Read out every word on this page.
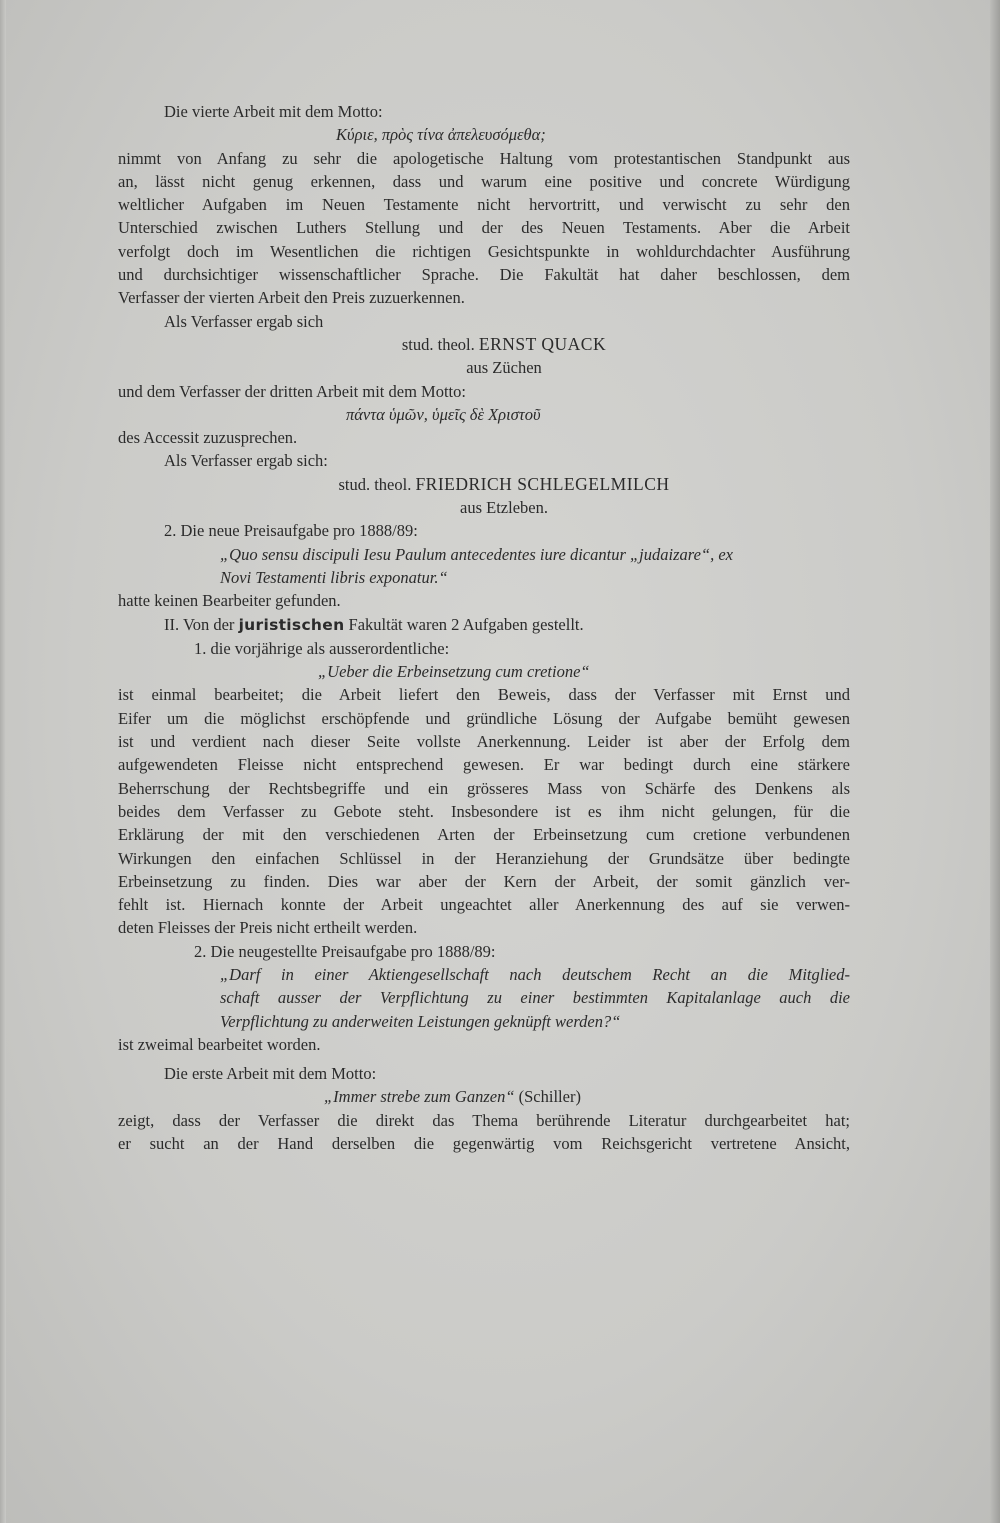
Die vierte Arbeit mit dem Motto:

Κύριε, πρὸς τίνα ἀπελευσόμεθα;

nimmt von Anfang zu sehr die apologetische Haltung vom protestantischen Standpunkt aus

an, lässt nicht genug erkennen, dass und warum eine positive und concrete Würdigung

weltlicher Aufgaben im Neuen Testamente nicht hervortritt, und verwischt zu sehr den

Unterschied zwischen Luthers Stellung und der des Neuen Testaments. Aber die Arbeit

verfolgt doch im Wesentlichen die richtigen Gesichtspunkte in wohldurchdachter Ausführung

und durchsichtiger wissenschaftlicher Sprache. Die Fakultät hat daher beschlossen, dem

Verfasser der vierten Arbeit den Preis zuzuerkennen.

Als Verfasser ergab sich

stud. theol. ERNST QUACK

aus Züchen

und dem Verfasser der dritten Arbeit mit dem Motto:

πάντα ὑμῶν, ὑμεῖς δὲ Χριστοῦ

des Accessit zuzusprechen.

Als Verfasser ergab sich:

stud. theol. FRIEDRICH SCHLEGELMILCH

aus Etzleben.

2. Die neue Preisaufgabe pro 1888/89:

„Quo sensu discipuli Iesu Paulum antecedentes iure dicantur „judaizare“, ex

Novi Testamenti libris exponatur.“

hatte keinen Bearbeiter gefunden.

II. Von der juristischen Fakultät waren 2 Aufgaben gestellt.

1. die vorjährige als ausserordentliche:

„Ueber die Erbeinsetzung cum cretione“

ist einmal bearbeitet; die Arbeit liefert den Beweis, dass der Verfasser mit Ernst und

Eifer um die möglichst erschöpfende und gründliche Lösung der Aufgabe bemüht gewesen

ist und verdient nach dieser Seite vollste Anerkennung. Leider ist aber der Erfolg dem

aufgewendeten Fleisse nicht entsprechend gewesen. Er war bedingt durch eine stärkere

Beherrschung der Rechtsbegriffe und ein grösseres Mass von Schärfe des Denkens als

beides dem Verfasser zu Gebote steht. Insbesondere ist es ihm nicht gelungen, für die

Erklärung der mit den verschiedenen Arten der Erbeinsetzung cum cretione verbundenen

Wirkungen den einfachen Schlüssel in der Heranziehung der Grundsätze über bedingte

Erbeinsetzung zu finden. Dies war aber der Kern der Arbeit, der somit gänzlich ver-

fehlt ist. Hiernach konnte der Arbeit ungeachtet aller Anerkennung des auf sie verwen-

deten Fleisses der Preis nicht ertheilt werden.

2. Die neugestellte Preisaufgabe pro 1888/89:

„Darf in einer Aktiengesellschaft nach deutschem Recht an die Mitglied-

schaft ausser der Verpflichtung zu einer bestimmten Kapitalanlage auch die

Verpflichtung zu anderweiten Leistungen geknüpft werden?“

ist zweimal bearbeitet worden.

Die erste Arbeit mit dem Motto:

„Immer strebe zum Ganzen“ (Schiller)

zeigt, dass der Verfasser die direkt das Thema berührende Literatur durchgearbeitet hat;

er sucht an der Hand derselben die gegenwärtig vom Reichsgericht vertretene Ansicht,
